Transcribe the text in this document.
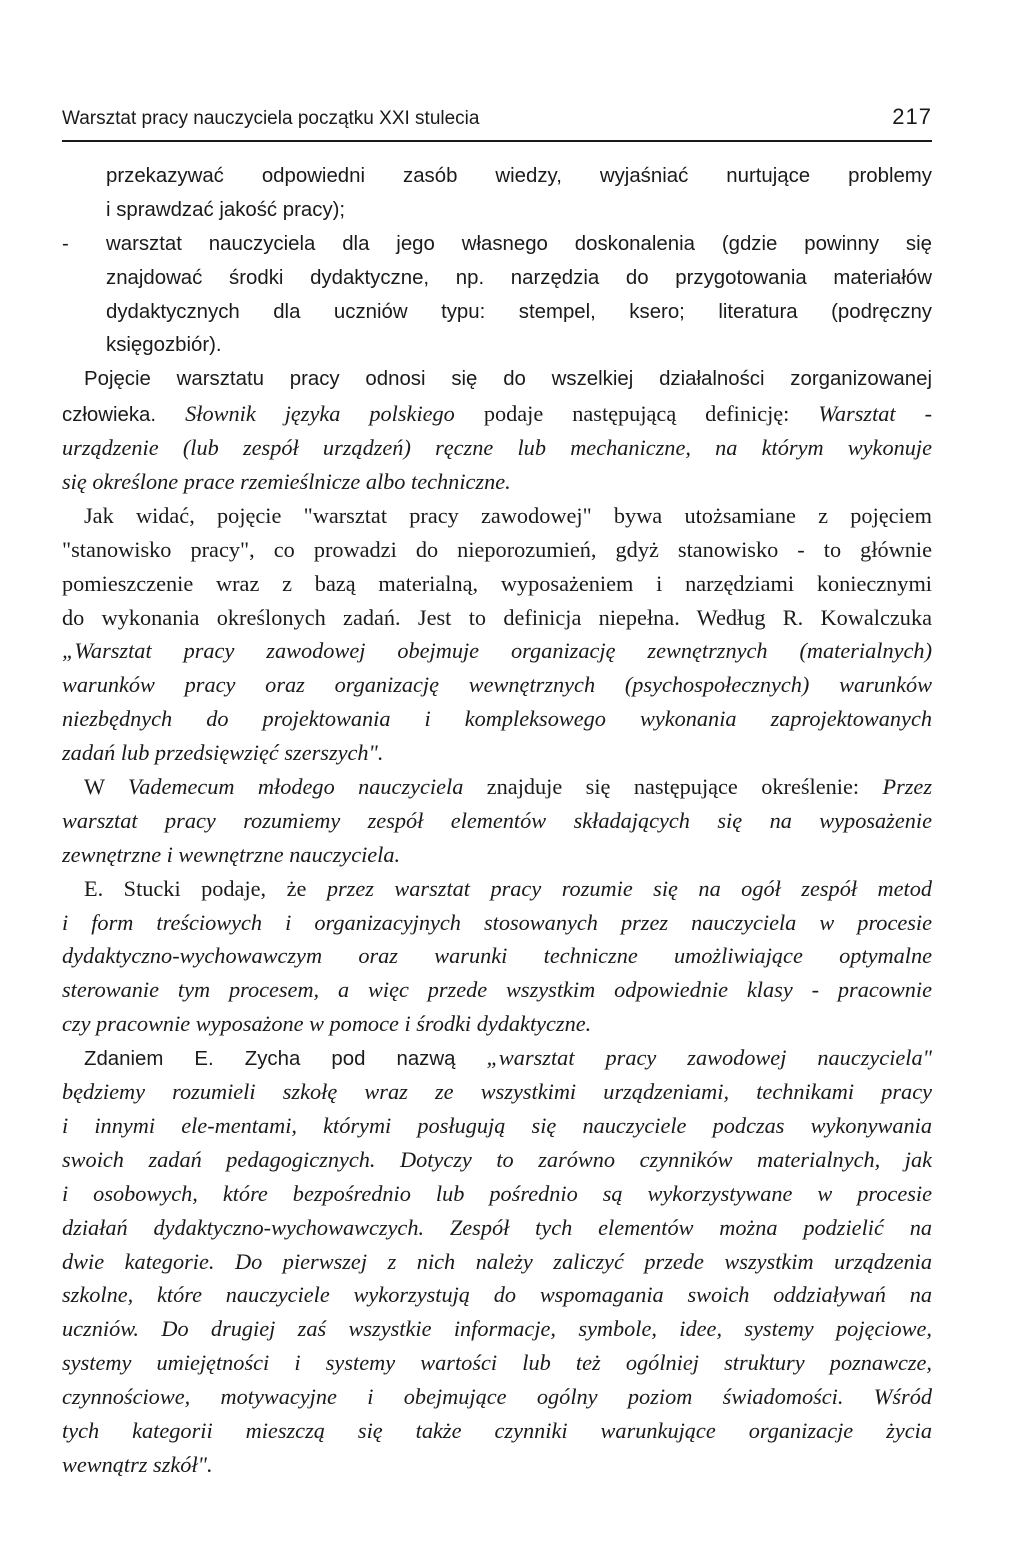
Warsztat pracy nauczyciela początku XXI stulecia	217
przekazywać odpowiedni zasób wiedzy, wyjaśniać nurtujące problemy
i sprawdzać jakość pracy);
-	warsztat nauczyciela dla jego własnego doskonalenia (gdzie powinny się
znajdować środki dydaktyczne, np. narzędzia do przygotowania materiałów
dydaktycznych dla uczniów typu: stempel, ksero; literatura (podręczny
księgozbiór).
Pojęcie warsztatu pracy odnosi się do wszelkiej działalności zorganizowanej
człowieka. Słownik języka polskiego podaje następującą definicję: Warsztat -
urządzenie (lub zespół urządzeń) ręczne lub mechaniczne, na którym wykonuje
się określone prace rzemieślnicze albo techniczne.
Jak widać, pojęcie "warsztat pracy zawodowej" bywa utożsamiane z pojęciem
"stanowisko pracy", co prowadzi do nieporozumień, gdyż stanowisko - to głównie
pomieszczenie wraz z bazą materialną, wyposażeniem i narzędziami koniecznymi
do wykonania określonych zadań. Jest to definicja niepełna. Według R. Kowalczuka
„Warsztat pracy zawodowej obejmuje organizację zewnętrznych (materialnych)
warunków pracy oraz organizację wewnętrznych (psychospołecznych) warunków
niezbędnych do projektowania i kompleksowego wykonania zaprojektowanych
zadań lub przedsięwzięć szerszych".
W Vademecum młodego nauczyciela znajduje się następujące określenie: Przez
warsztat pracy rozumiemy zespół elementów składających się na wyposażenie
zewnętrzne i wewnętrzne nauczyciela.
E. Stucki podaje, że przez warsztat pracy rozumie się na ogół zespół metod
i form treściowych i organizacyjnych stosowanych przez nauczyciela w procesie
dydaktyczno-wychowawczym oraz warunki techniczne umożliwiające optymalne
sterowanie tym procesem, a więc przede wszystkim odpowiednie klasy - pracownie
czy pracownie wyposażone w pomoce i środki dydaktyczne.
Zdaniem E. Zycha pod nazwą „warsztat pracy zawodowej nauczyciela"
będziemy rozumieli szkołę wraz ze wszystkimi urządzeniami, technikami pracy
i innymi ele-mentami, którymi posługują się nauczyciele podczas wykonywania
swoich zadań pedagogicznych. Dotyczy to zarówno czynników materialnych, jak
i osobowych, które bezpośrednio lub pośrednio są wykorzystywane w procesie
działań dydaktyczno-wychowawczych. Zespół tych elementów można podzielić na
dwie kategorie. Do pierwszej z nich należy zaliczyć przede wszystkim urządzenia
szkolne, które nauczyciele wykorzystują do wspomagania swoich oddziaływań na
uczniów. Do drugiej zaś wszystkie informacje, symbole, idee, systemy pojęciowe,
systemy umiejętności i systemy wartości lub też ogólniej struktury poznawcze,
czynnościowe, motywacyjne i obejmujące ogólny poziom świadomości. Wśród
tych kategorii mieszczą się także czynniki warunkujące organizacje życia
wewnątrz szkół".
